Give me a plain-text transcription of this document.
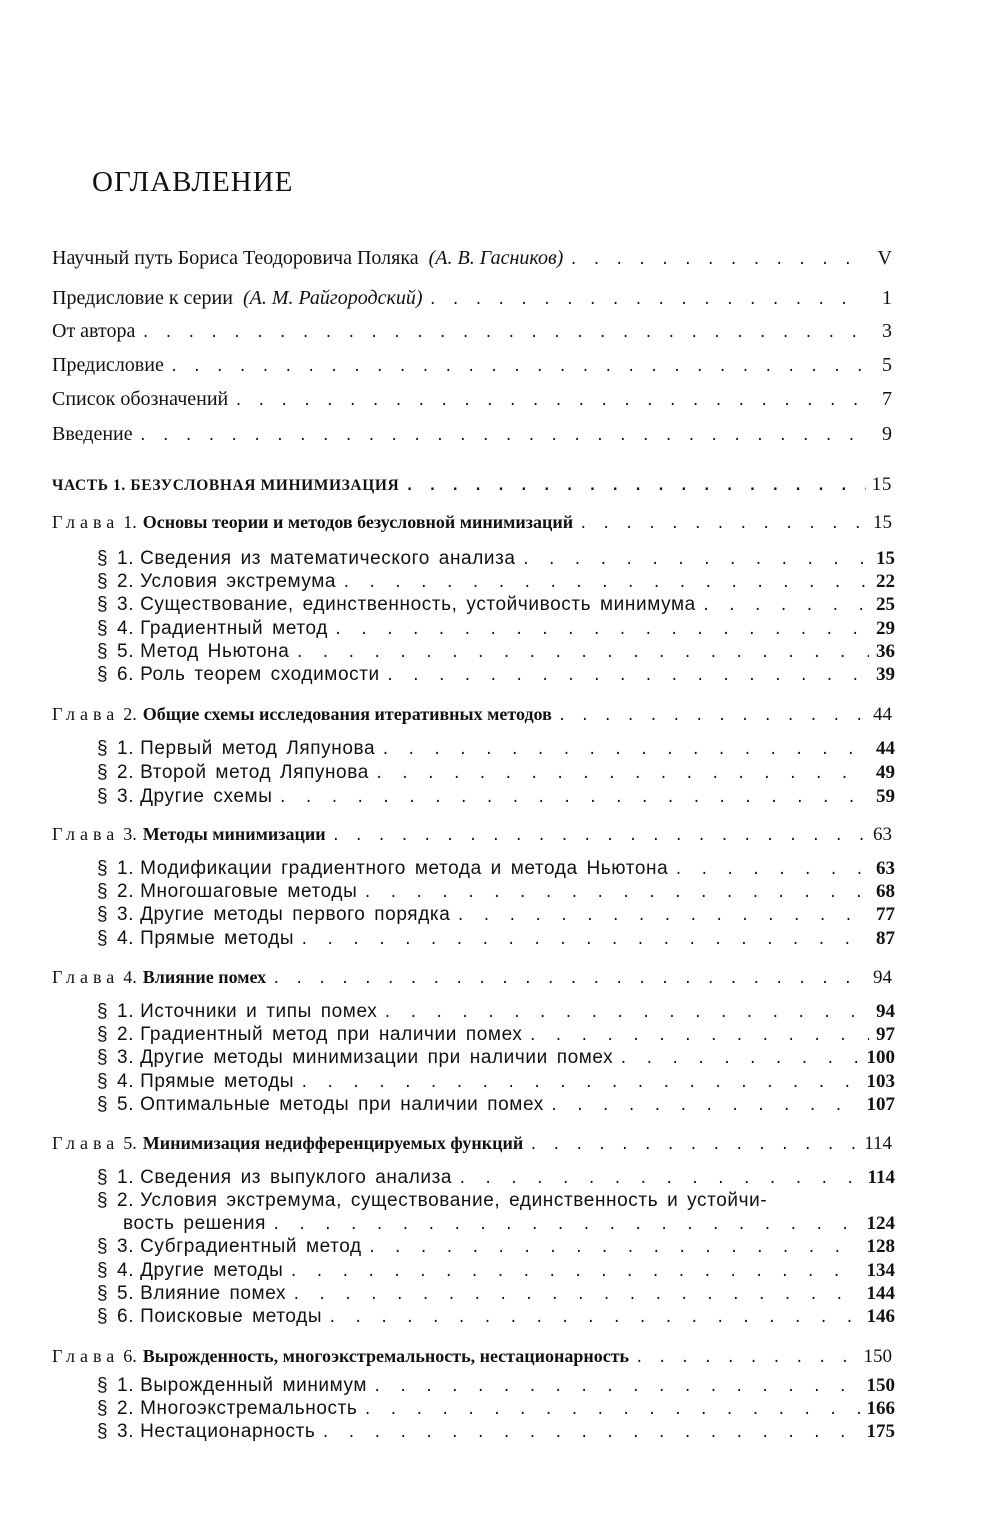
ОГЛАВЛЕНИЕ
Научный путь Бориса Теодоровича Поляка (А. В. Гасников) . . .	V
Предисловие к серии (А. М. Райгородский) . . .	1
От автора . . .	3
Предисловие . . .	5
Список обозначений . . .	7
Введение . . .	9
ЧАСТЬ 1. БЕЗУСЛОВНАЯ МИНИМИЗАЦИЯ . . .	15
Глава 1. Основы теории и методов безусловной минимизаций . . .	15
§ 1. Сведения из математического анализа . . .	15
§ 2. Условия экстремума . . .	22
§ 3. Существование, единственность, устойчивость минимума . . .	25
§ 4. Градиентный метод . . .	29
§ 5. Метод Ньютона . . .	36
§ 6. Роль теорем сходимости . . .	39
Глава 2. Общие схемы исследования итеративных методов . . .	44
§ 1. Первый метод Ляпунова . . .	44
§ 2. Второй метод Ляпунова . . .	49
§ 3. Другие схемы . . .	59
Глава 3. Методы минимизации . . .	63
§ 1. Модификации градиентного метода и метода Ньютона . . .	63
§ 2. Многошаговые методы . . .	68
§ 3. Другие методы первого порядка . . .	77
§ 4. Прямые методы . . .	87
Глава 4. Влияние помех . . .	94
§ 1. Источники и типы помех . . .	94
§ 2. Градиентный метод при наличии помех . . .	97
§ 3. Другие методы минимизации при наличии помех . . .	100
§ 4. Прямые методы . . .	103
§ 5. Оптимальные методы при наличии помех . . .	107
Глава 5. Минимизация недифференцируемых функций . . .	114
§ 1. Сведения из выпуклого анализа . . .	114
§ 2. Условия экстремума, существование, единственность и устойчи-
вость решения . . .	124
§ 3. Субградиентный метод . . .	128
§ 4. Другие методы . . .	134
§ 5. Влияние помех . . .	144
§ 6. Поисковые методы . . .	146
Глава 6. Вырожденность, многоэкстремальность, нестационарность . . .	150
§ 1. Вырожденный минимум . . .	150
§ 2. Многоэкстремальность . . .	166
§ 3. Нестационарность . . .	175
